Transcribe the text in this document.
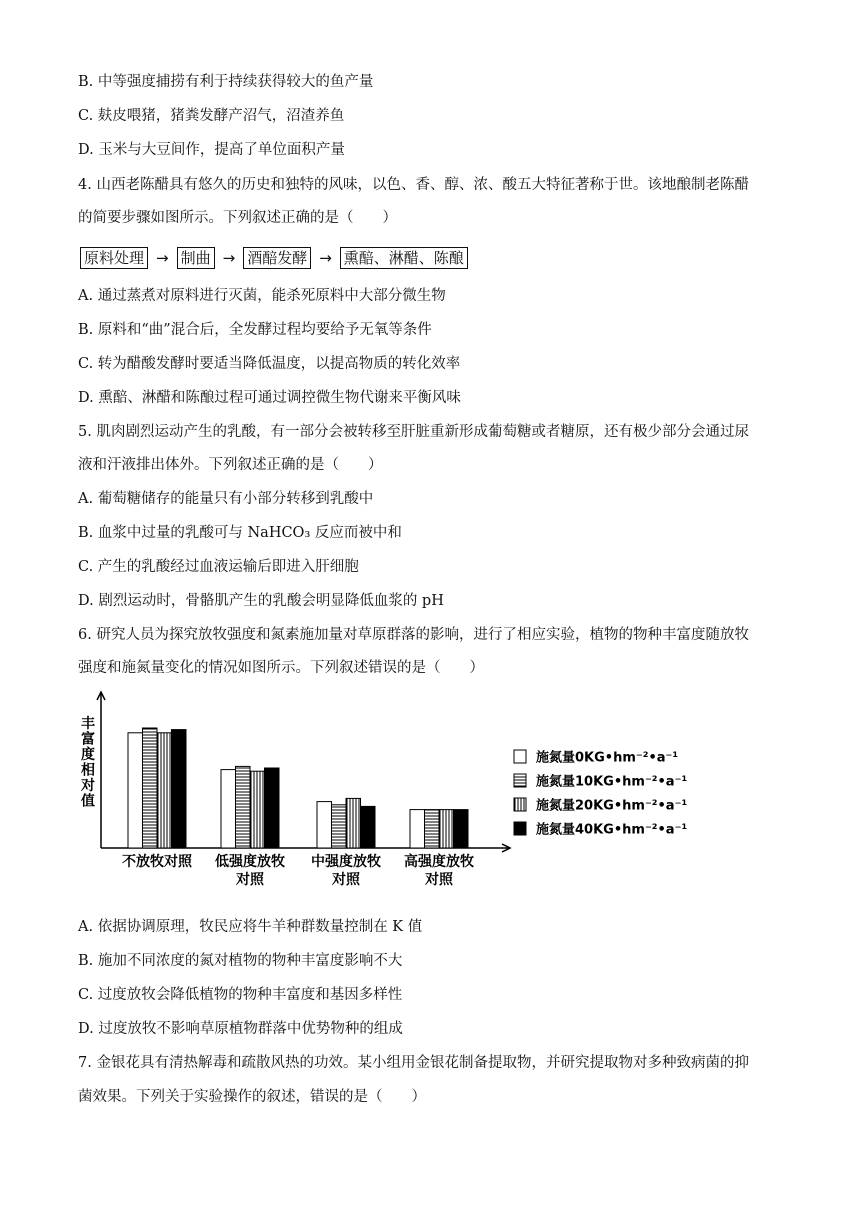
B. 中等强度捕捞有利于持续获得较大的鱼产量
C. 麸皮喂猪，猪粪发酵产沼气，沼渣养鱼
D. 玉米与大豆间作，提高了单位面积产量
4. 山西老陈醋具有悠久的历史和独特的风味，以色、香、醇、浓、酸五大特征著称于世。该地酿制老陈醋
的简要步骤如图所示。下列叙述正确的是（　　）
A. 通过蒸煮对原料进行灭菌，能杀死原料中大部分微生物
B. 原料和“曲”混合后，全发酵过程均要给予无氧等条件
C. 转为醋酸发酵时要适当降低温度，以提高物质的转化效率
D. 熏醅、淋醋和陈酿过程可通过调控微生物代谢来平衡风味
5. 肌肉剧烈运动产生的乳酸，有一部分会被转移至肝脏重新形成葡萄糖或者糖原，还有极少部分会通过尿
液和汗液排出体外。下列叙述正确的是（　　）
A. 葡萄糖储存的能量只有小部分转移到乳酸中
B. 血浆中过量的乳酸可与 NaHCO₃ 反应而被中和
C. 产生的乳酸经过血液运输后即进入肝细胞
D. 剧烈运动时，骨骼肌产生的乳酸会明显降低血浆的 pH
6. 研究人员为探究放牧强度和氮素施加量对草原群落的影响，进行了相应实验，植物的物种丰富度随放牧
强度和施氮量变化的情况如图所示。下列叙述错误的是（　　）
A. 依据协调原理，牧民应将牛羊种群数量控制在 K 值
B. 施加不同浓度的氮对植物的物种丰富度影响不大
C. 过度放牧会降低植物的物种丰富度和基因多样性
D. 过度放牧不影响草原植物群落中优势物种的组成
7. 金银花具有清热解毒和疏散风热的功效。某小组用金银花制备提取物，并研究提取物对多种致病菌的抑
菌效果。下列关于实验操作的叙述，错误的是（　　）
原料处理 → 制曲 → 酒醅发酵 → 熏醅、淋醋、陈酿
丰富度相对值
不放牧对照 低强度放牧
对照
中强度放牧
对照
高强度放牧
对照
施氮量0KG•hm⁻²•a⁻¹
施氮量10KG•hm⁻²•a⁻¹
施氮量20KG•hm⁻²•a⁻¹
施氮量40KG•hm⁻²•a⁻¹
